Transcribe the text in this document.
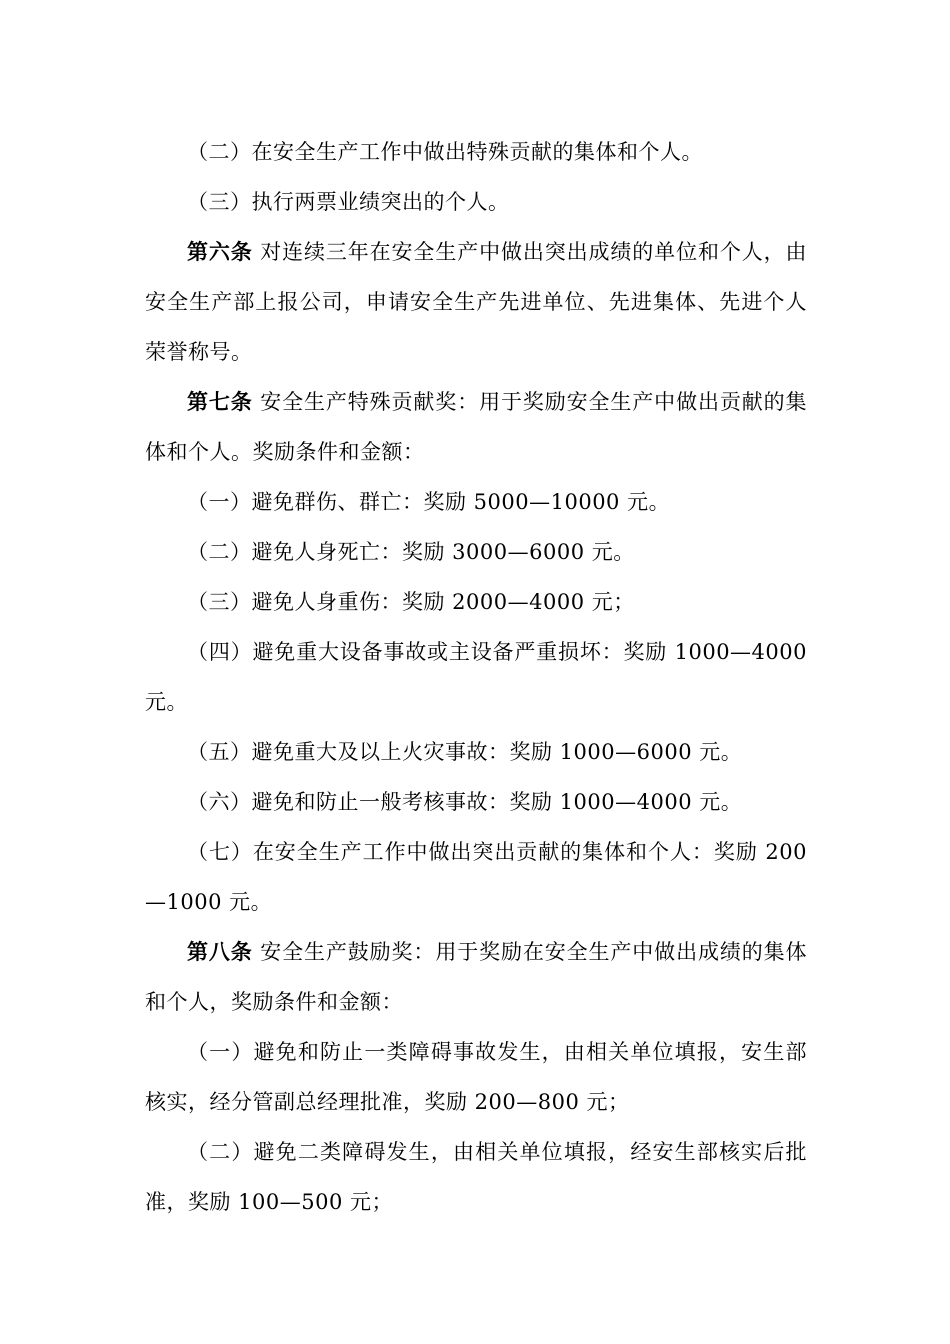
（二）在安全生产工作中做出特殊贡献的集体和个人。

（三）执行两票业绩突出的个人。

第六条 对连续三年在安全生产中做出突出成绩的单位和个人，由安全生产部上报公司，申请安全生产先进单位、先进集体、先进个人荣誉称号。

第七条 安全生产特殊贡献奖：用于奖励安全生产中做出贡献的集体和个人。奖励条件和金额：

（一）避免群伤、群亡：奖励 5000—10000 元。

（二）避免人身死亡：奖励 3000—6000 元。

（三）避免人身重伤：奖励 2000—4000 元；

（四）避免重大设备事故或主设备严重损坏：奖励 1000—4000 元。

（五）避免重大及以上火灾事故：奖励 1000—6000 元。

（六）避免和防止一般考核事故：奖励 1000—4000 元。

（七）在安全生产工作中做出突出贡献的集体和个人：奖励 200—1000 元。

第八条 安全生产鼓励奖：用于奖励在安全生产中做出成绩的集体和个人，奖励条件和金额：

（一）避免和防止一类障碍事故发生，由相关单位填报，安生部核实，经分管副总经理批准，奖励 200—800 元；

（二）避免二类障碍发生，由相关单位填报，经安生部核实后批准，奖励 100—500 元；
